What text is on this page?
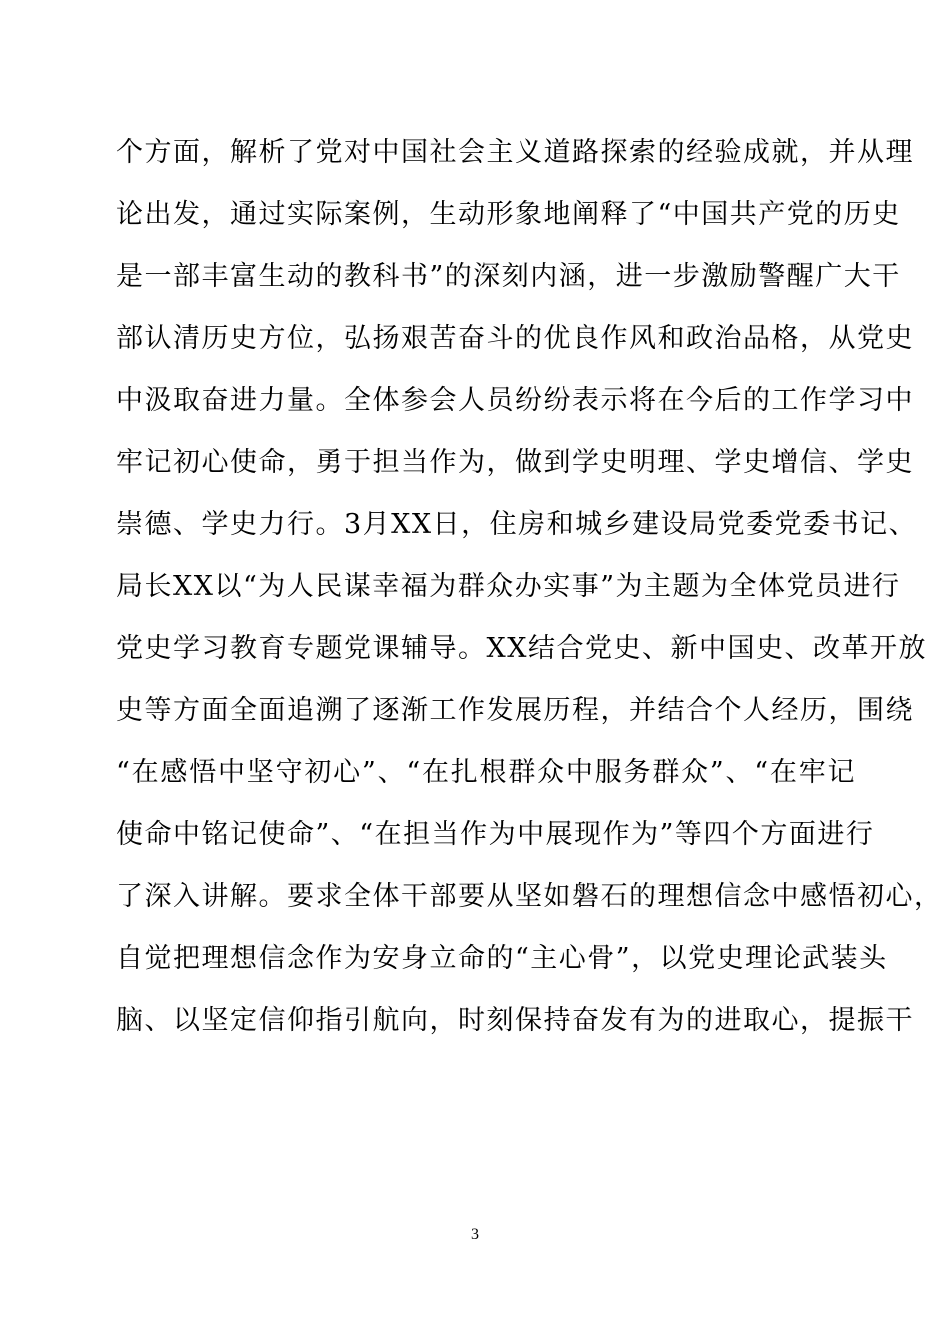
个方面，解析了党对中国社会主义道路探索的经验成就，并从理
论出发，通过实际案例，生动形象地阐释了“中国共产党的历史
是一部丰富生动的教科书”的深刻内涵，进一步激励警醒广大干
部认清历史方位，弘扬艰苦奋斗的优良作风和政治品格，从党史
中汲取奋进力量。全体参会人员纷纷表示将在今后的工作学习中
牢记初心使命，勇于担当作为，做到学史明理、学史增信、学史
崇德、学史力行。3月XX日，住房和城乡建设局党委党委书记、
局长XX以“为人民谋幸福为群众办实事”为主题为全体党员进行
党史学习教育专题党课辅导。XX结合党史、新中国史、改革开放
史等方面全面追溯了逐渐工作发展历程，并结合个人经历，围绕
“在感悟中坚守初心”、“在扎根群众中服务群众”、“在牢记
使命中铭记使命”、“在担当作为中展现作为”等四个方面进行
了深入讲解。要求全体干部要从坚如磐石的理想信念中感悟初心，
自觉把理想信念作为安身立命的“主心骨”，以党史理论武装头
脑、以坚定信仰指引航向，时刻保持奋发有为的进取心，提振干
3
